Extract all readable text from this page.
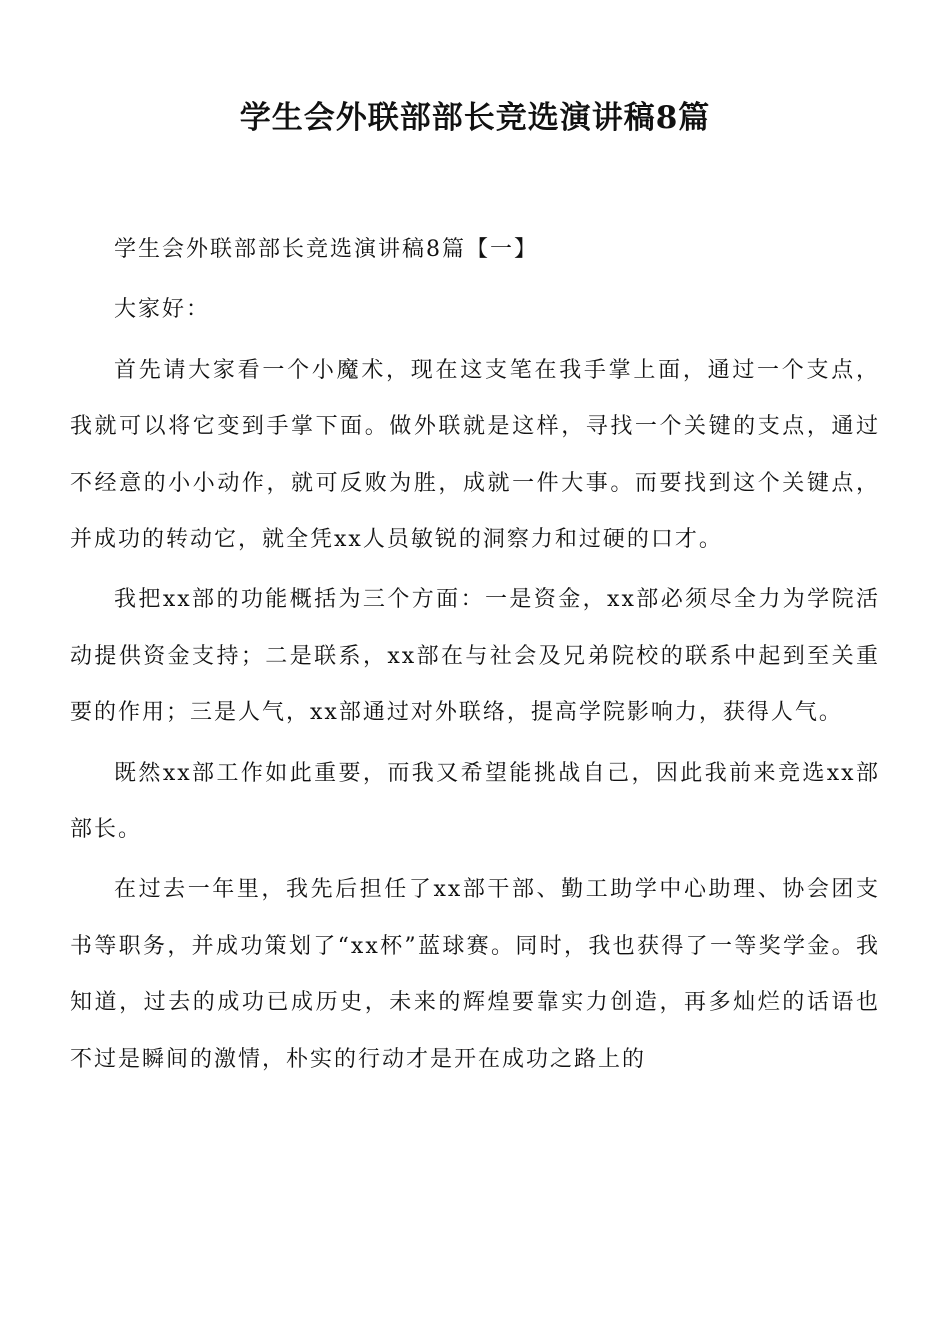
学生会外联部部长竞选演讲稿8篇

学生会外联部部长竞选演讲稿8篇【一】

大家好：

首先请大家看一个小魔术，现在这支笔在我手掌上面，通过一个支点，我就可以将它变到手掌下面。做外联就是这样，寻找一个关键的支点，通过不经意的小小动作，就可反败为胜，成就一件大事。而要找到这个关键点，并成功的转动它，就全凭xx人员敏锐的洞察力和过硬的口才。

我把xx部的功能概括为三个方面：一是资金，xx部必须尽全力为学院活动提供资金支持；二是联系，xx部在与社会及兄弟院校的联系中起到至关重要的作用；三是人气，xx部通过对外联络，提高学院影响力，获得人气。

既然xx部工作如此重要，而我又希望能挑战自己，因此我前来竞选xx部部长。

在过去一年里，我先后担任了xx部干部、勤工助学中心助理、协会团支书等职务，并成功策划了“xx杯”蓝球赛。同时，我也获得了一等奖学金。我知道，过去的成功已成历史，未来的辉煌要靠实力创造，再多灿烂的话语也不过是瞬间的激情，朴实的行动才是开在成功之路上的
